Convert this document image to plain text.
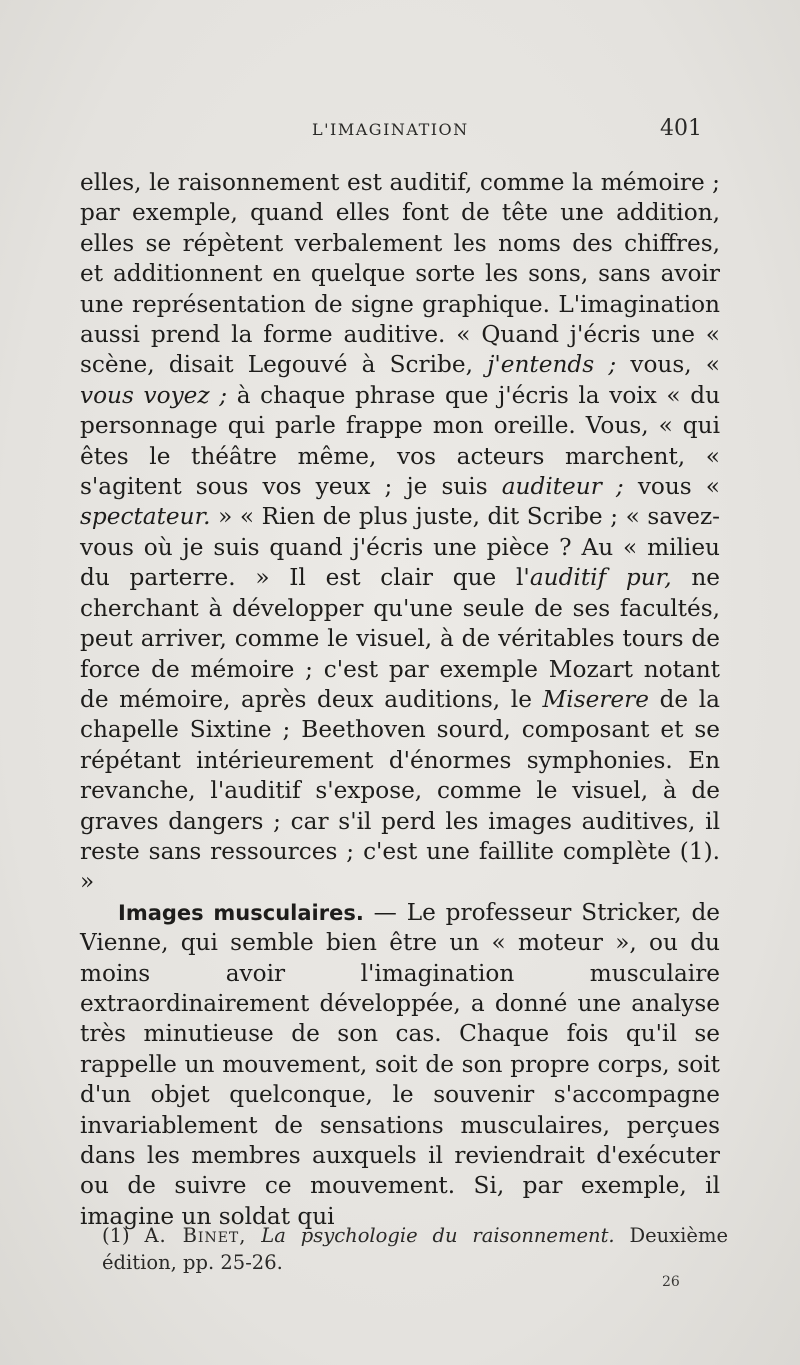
L'IMAGINATION	401

elles, le raisonnement est auditif, comme la mémoire ; par exemple, quand elles font de tête une addition, elles se répètent verbalement les noms des chiffres, et additionnent en quelque sorte les sons, sans avoir une représentation de signe graphique. L'imagination aussi prend la forme auditive. « Quand j'écris une « scène, disait Legouvé à Scribe, j'entends ; vous, « vous voyez ; à chaque phrase que j'écris la voix « du personnage qui parle frappe mon oreille. Vous, « qui êtes le théâtre même, vos acteurs marchent, « s'agitent sous vos yeux ; je suis auditeur ; vous « spectateur. » « Rien de plus juste, dit Scribe ; « savez-vous où je suis quand j'écris une pièce ? Au « milieu du parterre. » Il est clair que l'auditif pur, ne cherchant à développer qu'une seule de ses facultés, peut arriver, comme le visuel, à de véritables tours de force de mémoire ; c'est par exemple Mozart notant de mémoire, après deux auditions, le Miserere de la chapelle Sixtine ; Beethoven sourd, composant et se répétant intérieurement d'énormes symphonies. En revanche, l'auditif s'expose, comme le visuel, à de graves dangers ; car s'il perd les images auditives, il reste sans ressources ; c'est une faillite complète (1). »

Images musculaires. — Le professeur Stricker, de Vienne, qui semble bien être un « moteur », ou du moins avoir l'imagination musculaire extraordinairement développée, a donné une analyse très minutieuse de son cas. Chaque fois qu'il se rappelle un mouvement, soit de son propre corps, soit d'un objet quelconque, le souvenir s'accompagne invariablement de sensations musculaires, perçues dans les membres auxquels il reviendrait d'exécuter ou de suivre ce mouvement. Si, par exemple, il imagine un soldat qui

(1) A. Binet, La psychologie du raisonnement. Deuxième édition, pp. 25-26.
26
